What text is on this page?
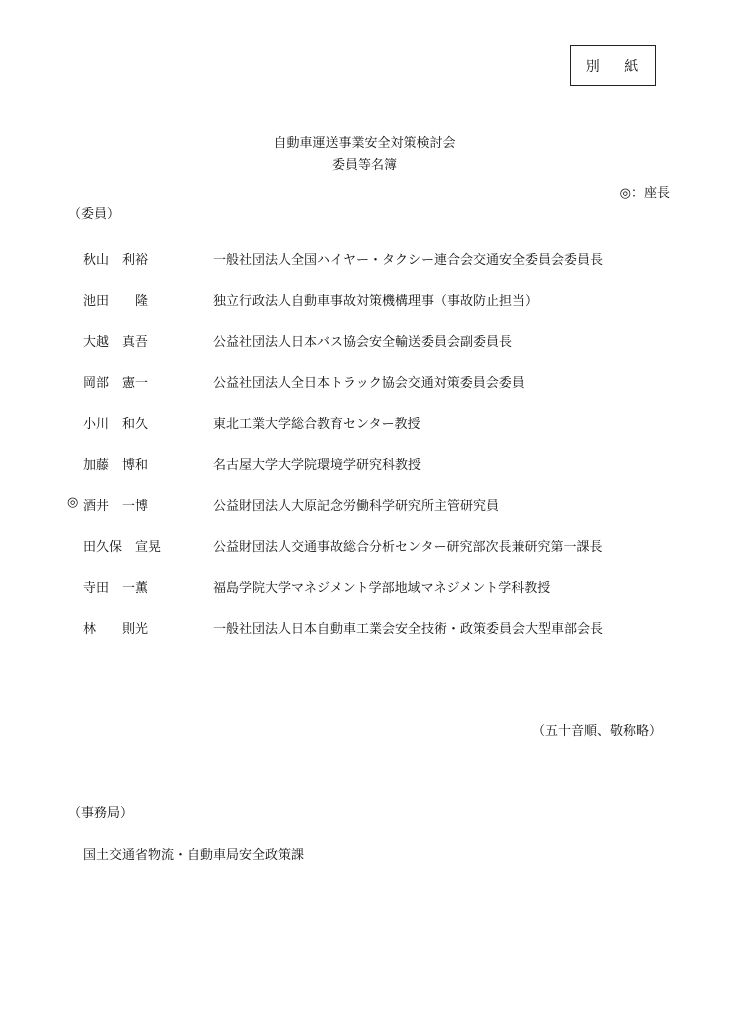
別 紙
自動車運送事業安全対策検討会
委員等名簿
◎：座長
（委員）
秋山　利裕	一般社団法人全国ハイヤー・タクシー連合会交通安全委員会委員長
池田　　隆	独立行政法人自動車事故対策機構理事（事故防止担当）
大越　真吾	公益社団法人日本バス協会安全輸送委員会副委員長
岡部　憲一	公益社団法人全日本トラック協会交通対策委員会委員
小川　和久	東北工業大学総合教育センター教授
加藤　博和	名古屋大学大学院環境学研究科教授
◎ 酒井　一博	公益財団法人大原記念労働科学研究所主管研究員
田久保　宣晃	公益財団法人交通事故総合分析センター研究部次長兼研究第一課長
寺田　一薫	福島学院大学マネジメント学部地域マネジメント学科教授
林　　則光	一般社団法人日本自動車工業会安全技術・政策委員会大型車部会長
（五十音順、敬称略）
（事務局）
国土交通省物流・自動車局安全政策課
